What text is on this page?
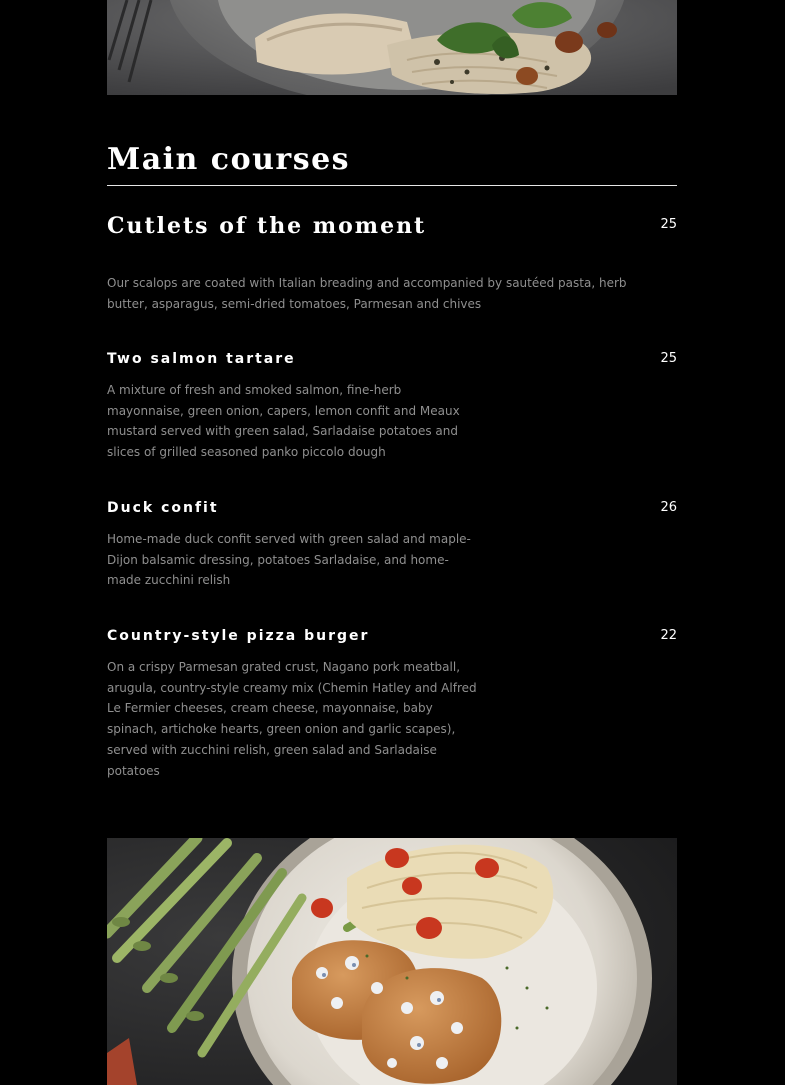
Main courses
Cutlets of the moment	25

Our scalops are coated with Italian breading and accompanied by sautéed pasta, herb butter, asparagus, semi-dried tomatoes, Parmesan and chives

Two salmon tartare	25

A mixture of fresh and smoked salmon, fine-herb mayonnaise, green onion, capers, lemon confit and Meaux mustard served with green salad, Sarladaise potatoes and slices of grilled seasoned panko piccolo dough

Duck confit	26

Home-made duck confit served with green salad and maple-Dijon balsamic dressing, potatoes Sarladaise, and home-made zucchini relish

Country-style pizza burger	22

On a crispy Parmesan grated crust, Nagano pork meatball, arugula, country-style creamy mix (Chemin Hatley and Alfred Le Fermier cheeses, cream cheese, mayonnaise, baby spinach, artichoke hearts, green onion and garlic scapes), served with zucchini relish, green salad and Sarladaise potatoes
